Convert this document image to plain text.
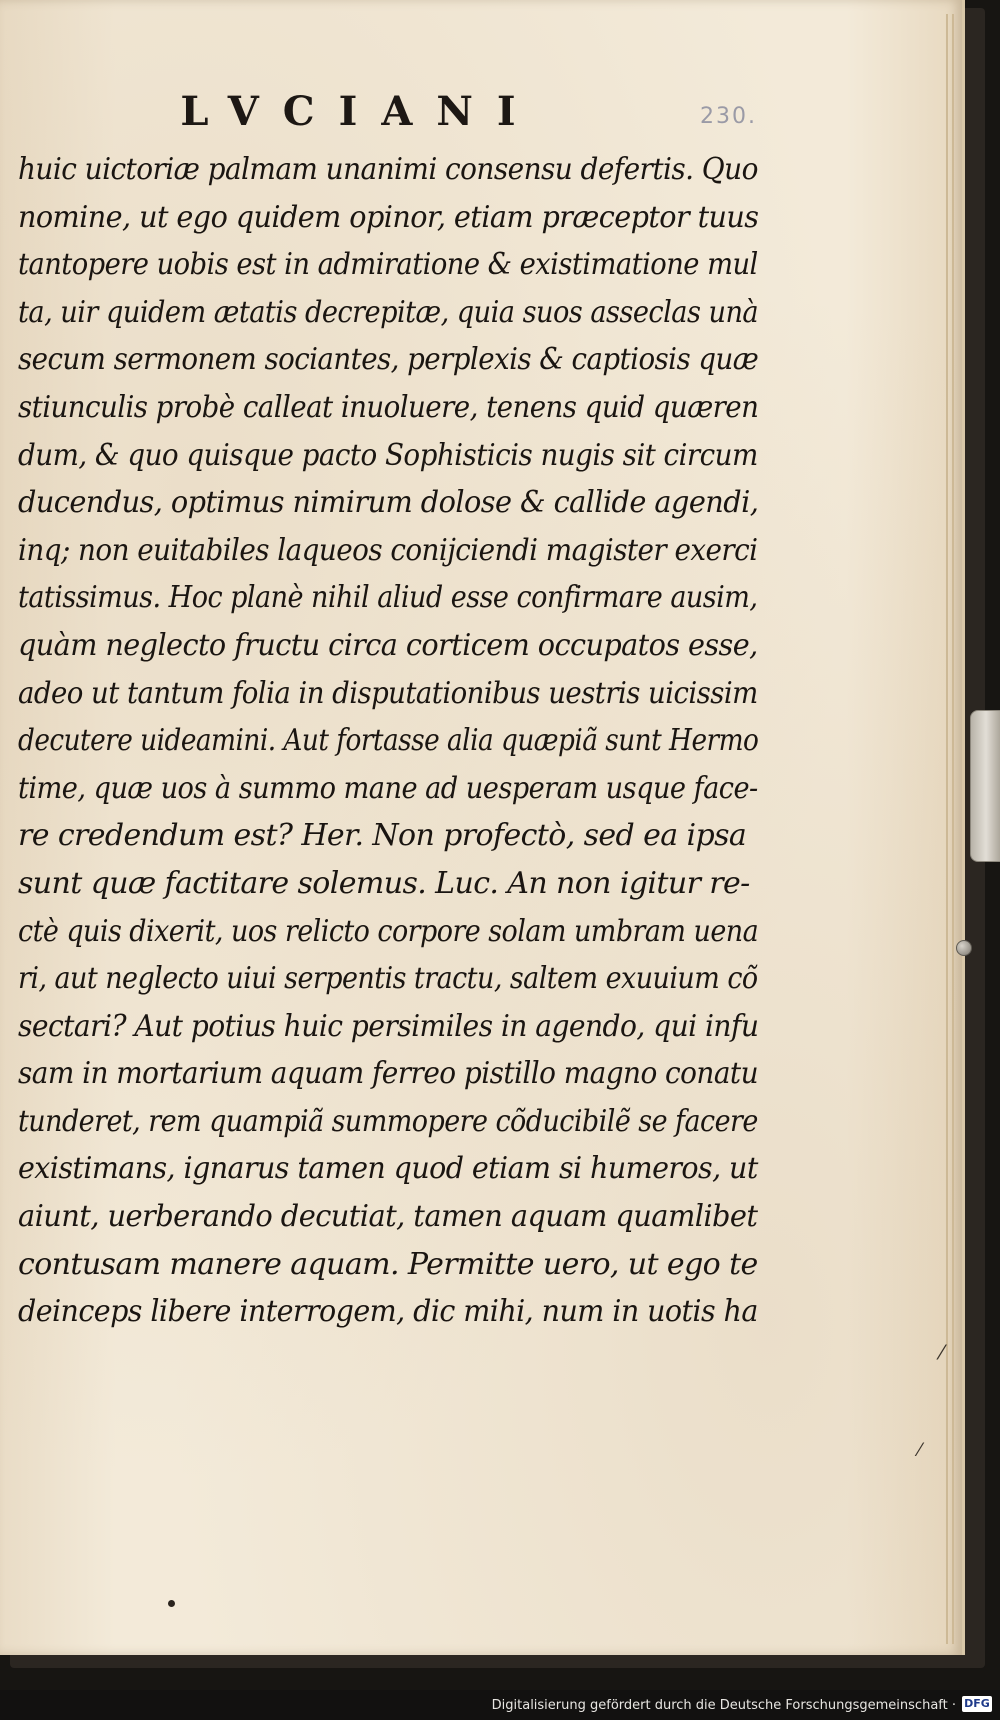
LVCIANI	230.
huic uictoriæ palmam unanimi consensu defertis. Quo
nomine, ut ego quidem opinor, etiam præceptor tuus
tantopere uobis est in admiratione & existimatione mul
ta, uir quidem ætatis decrepitæ, quia suos asseclas unà
secum sermonem sociantes, perplexis & captiosis quæ
stiunculis probè calleat inuoluere, tenens quid quæren
dum, & quo quisque pacto Sophisticis nugis sit circum
ducendus, optimus nimirum dolose & callide agendi,
inq; non euitabiles laqueos conijciendi magister exerci
tatissimus. Hoc planè nihil aliud esse confirmare ausim,
quàm neglecto fructu circa corticem occupatos esse,
adeo ut tantum folia in disputationibus uestris uicissim
decutere uideamini. Aut fortasse alia quæpiã sunt Hermo
time, quæ uos à summo mane ad uesperam usque face-
re credendum est? Her. Non profectò, sed ea ipsa
sunt quæ factitare solemus. Luc. An non igitur re-
ctè quis dixerit, uos relicto corpore solam umbram uena
ri, aut neglecto uiui serpentis tractu, saltem exuuium cõ
sectari? Aut potius huic persimiles in agendo, qui infu
sam in mortarium aquam ferreo pistillo magno conatu
tunderet, rem quampiã summopere cõducibilẽ se facere
existimans, ignarus tamen quod etiam si humeros, ut
aiunt, uerberando decutiat, tamen aquam quamlibet
contusam manere aquam. Permitte uero, ut ego te
deinceps libere interrogem, dic mihi, num in uotis ha
⁄
⁄
Digitalisierung gefördert durch die Deutsche Forschungsgemeinschaft · DFG
